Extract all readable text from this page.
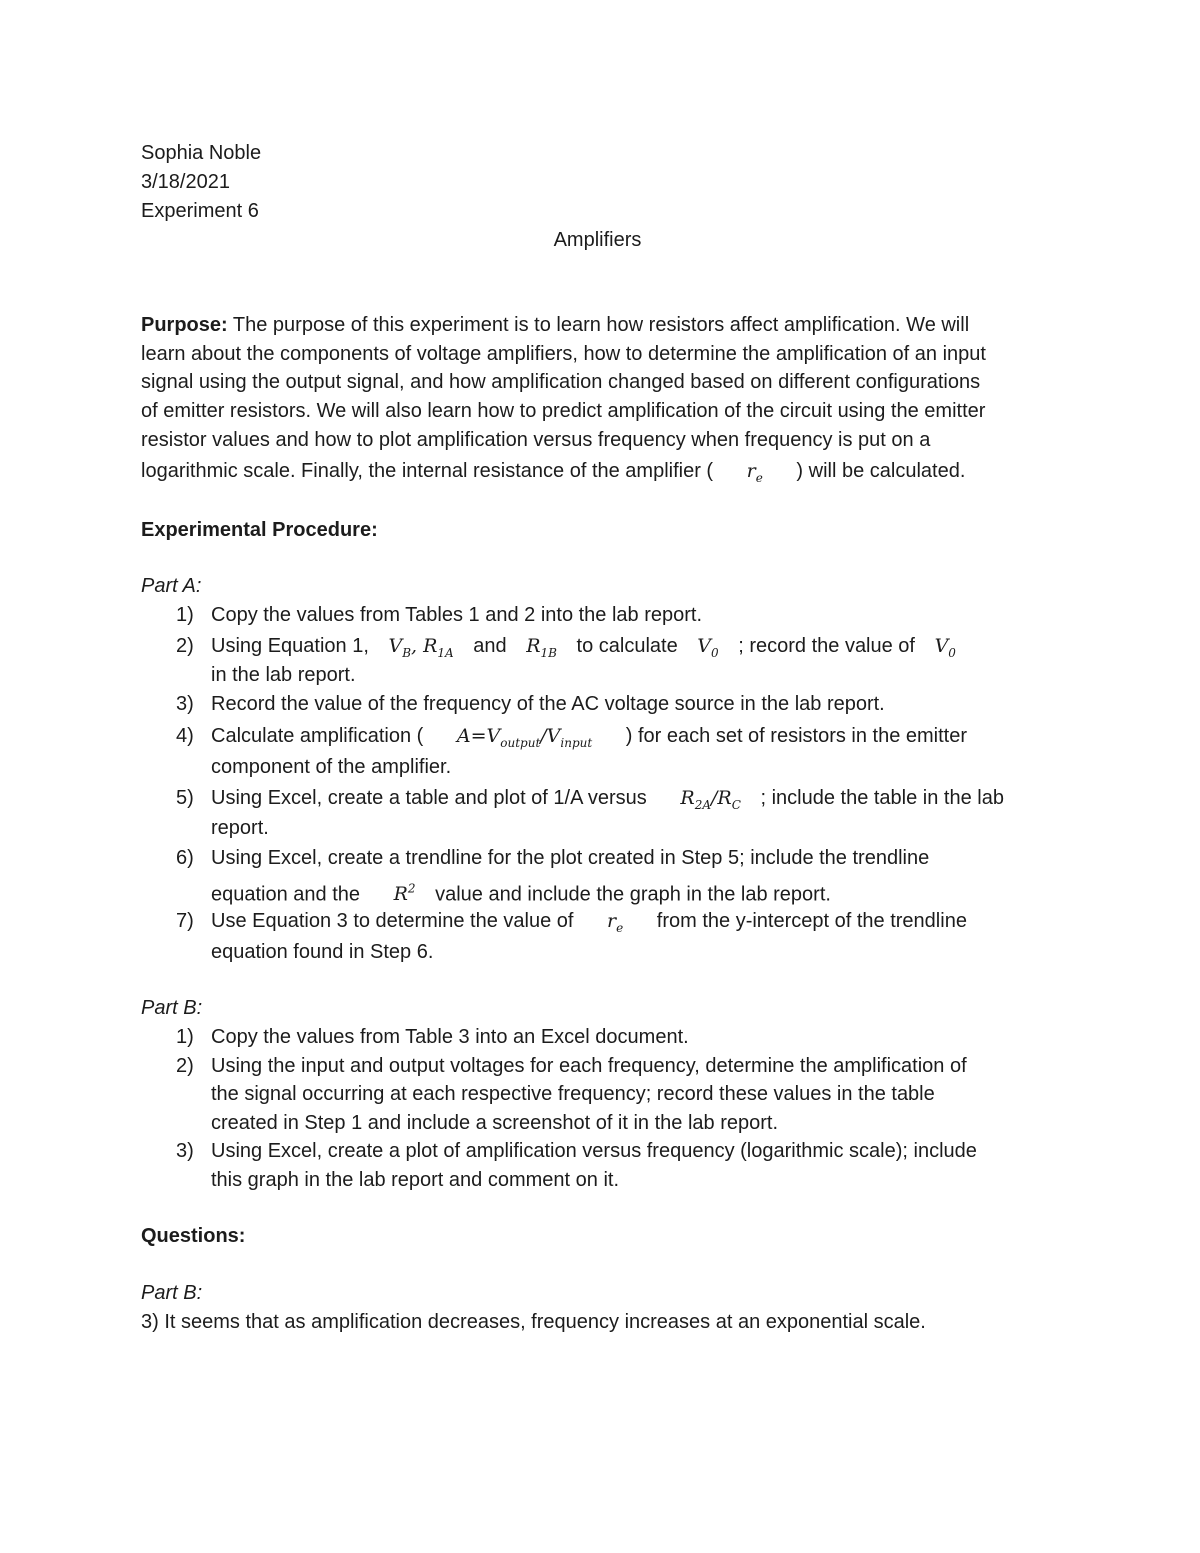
Sophia Noble
3/18/2021
Experiment 6
Amplifiers
Purpose: The purpose of this experiment is to learn how resistors affect amplification. We will
learn about the components of voltage amplifiers, how to determine the amplification of an input
signal using the output signal, and how amplification changed based on different configurations
of emitter resistors. We will also learn how to predict amplification of the circuit using the emitter
resistor values and how to plot amplification versus frequency when frequency is put on a
logarithmic scale. Finally, the internal resistance of the amplifier ( $r_e$ ) will be calculated.
Experimental Procedure:
Part A:
1) Copy the values from Tables 1 and 2 into the lab report.
2) Using Equation 1, $V_B$, $R_{1A}$ and $R_{1B}$ to calculate $V_0$ ; record the value of $V_0$
in the lab report.
3) Record the value of the frequency of the AC voltage source in the lab report.
4) Calculate amplification ( $A=V_{output}/V_{input}$ ) for each set of resistors in the emitter
component of the amplifier.
5) Using Excel, create a table and plot of 1/A versus $R_{2A}/R_C$ ; include the table in the lab
report.
6) Using Excel, create a trendline for the plot created in Step 5; include the trendline
equation and the $R^2$ value and include the graph in the lab report.
7) Use Equation 3 to determine the value of $r_e$ from the y-intercept of the trendline
equation found in Step 6.
Part B:
1) Copy the values from Table 3 into an Excel document.
2) Using the input and output voltages for each frequency, determine the amplification of
the signal occurring at each respective frequency; record these values in the table
created in Step 1 and include a screenshot of it in the lab report.
3) Using Excel, create a plot of amplification versus frequency (logarithmic scale); include
this graph in the lab report and comment on it.
Questions:
Part B:
3) It seems that as amplification decreases, frequency increases at an exponential scale.
